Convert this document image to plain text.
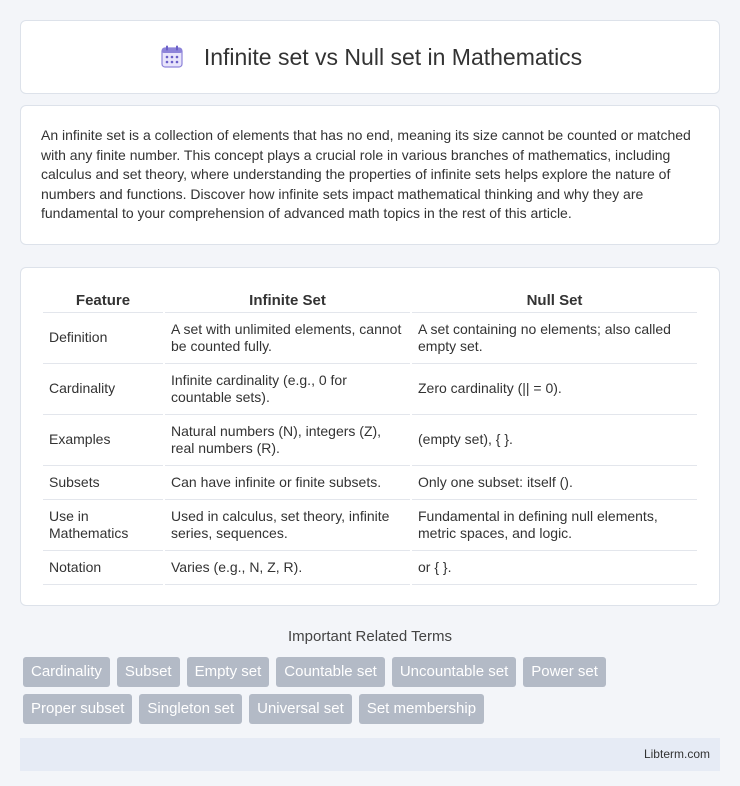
Infinite set vs Null set in Mathematics

An infinite set is a collection of elements that has no end, meaning its size cannot be counted or matched with any finite number. This concept plays a crucial role in various branches of mathematics, including calculus and set theory, where understanding the properties of infinite sets helps explore the nature of numbers and functions. Discover how infinite sets impact mathematical thinking and why they are fundamental to your comprehension of advanced math topics in the rest of this article.

Feature	Infinite Set	Null Set
Definition	A set with unlimited elements, cannot be counted fully.	A set containing no elements; also called empty set.
Cardinality	Infinite cardinality (e.g., 0 for countable sets).	Zero cardinality (|| = 0).
Examples	Natural numbers (N), integers (Z), real numbers (R).	(empty set), { }.
Subsets	Can have infinite or finite subsets.	Only one subset: itself ().
Use in Mathematics	Used in calculus, set theory, infinite series, sequences.	Fundamental in defining null elements, metric spaces, and logic.
Notation	Varies (e.g., N, Z, R).	or { }.
Important Related Terms
Cardinality	Subset	Empty set	Countable set	Uncountable set	Power set
Proper subset	Singleton set	Universal set	Set membership
Libterm.com
